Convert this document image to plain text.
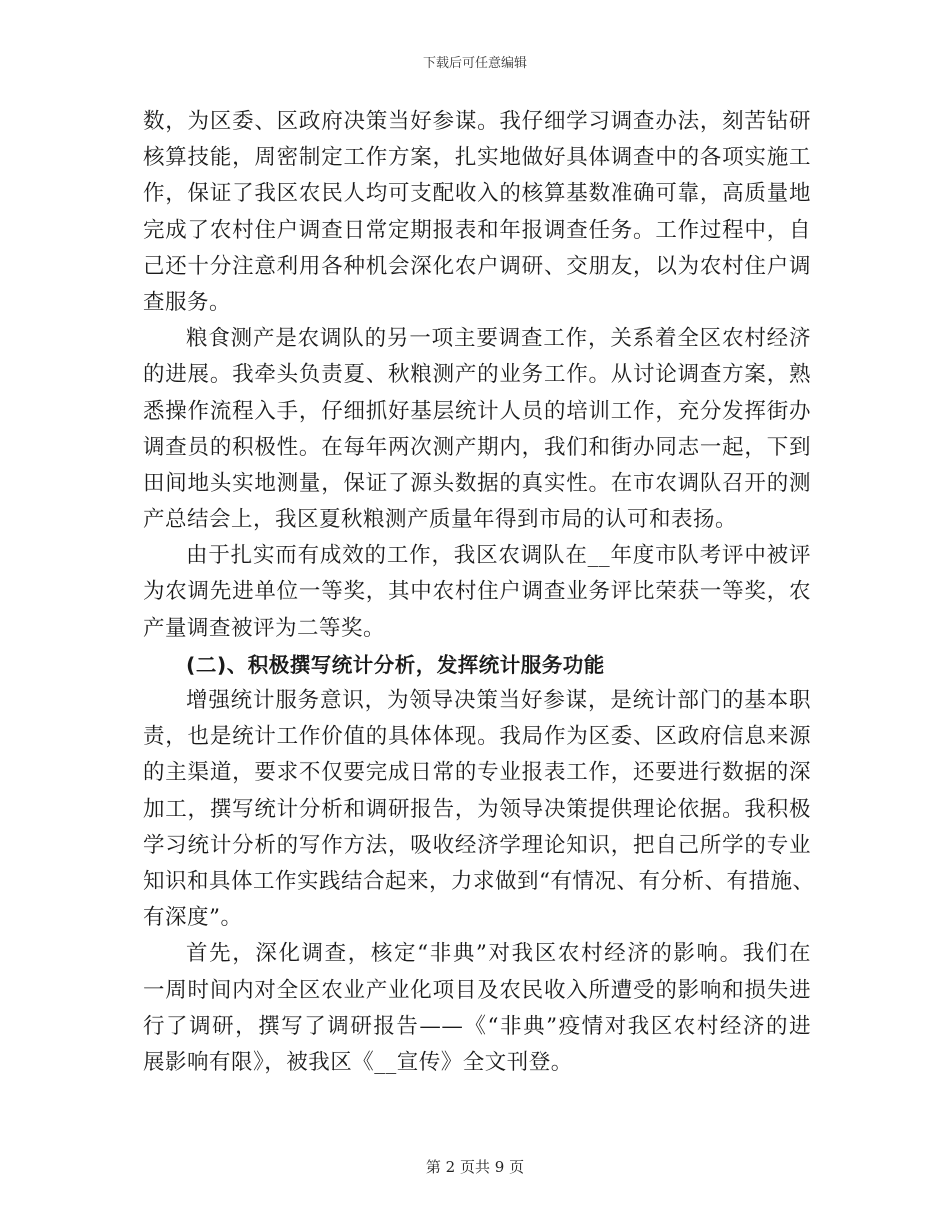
下载后可任意编辑
数，为区委、区政府决策当好参谋。我仔细学习调查办法，刻苦钻研
核算技能，周密制定工作方案，扎实地做好具体调查中的各项实施工
作，保证了我区农民人均可支配收入的核算基数准确可靠，高质量地
完成了农村住户调查日常定期报表和年报调查任务。工作过程中，自
己还十分注意利用各种机会深化农户调研、交朋友，以为农村住户调
查服务。
粮食测产是农调队的另一项主要调查工作，关系着全区农村经济
的进展。我牵头负责夏、秋粮测产的业务工作。从讨论调查方案，熟
悉操作流程入手，仔细抓好基层统计人员的培训工作，充分发挥街办
调查员的积极性。在每年两次测产期内，我们和街办同志一起，下到
田间地头实地测量，保证了源头数据的真实性。在市农调队召开的测
产总结会上，我区夏秋粮测产质量年得到市局的认可和表扬。
由于扎实而有成效的工作，我区农调队在__年度市队考评中被评
为农调先进单位一等奖，其中农村住户调查业务评比荣获一等奖，农
产量调查被评为二等奖。
(二)、积极撰写统计分析，发挥统计服务功能
增强统计服务意识，为领导决策当好参谋，是统计部门的基本职
责，也是统计工作价值的具体体现。我局作为区委、区政府信息来源
的主渠道，要求不仅要完成日常的专业报表工作，还要进行数据的深
加工，撰写统计分析和调研报告，为领导决策提供理论依据。我积极
学习统计分析的写作方法，吸收经济学理论知识，把自己所学的专业
知识和具体工作实践结合起来，力求做到“有情况、有分析、有措施、
有深度”。
首先，深化调查，核定“非典”对我区农村经济的影响。我们在
一周时间内对全区农业产业化项目及农民收入所遭受的影响和损失进
行了调研，撰写了调研报告——《“非典”疫情对我区农村经济的进
展影响有限》，被我区《__宣传》全文刊登。
第 2 页共 9 页
